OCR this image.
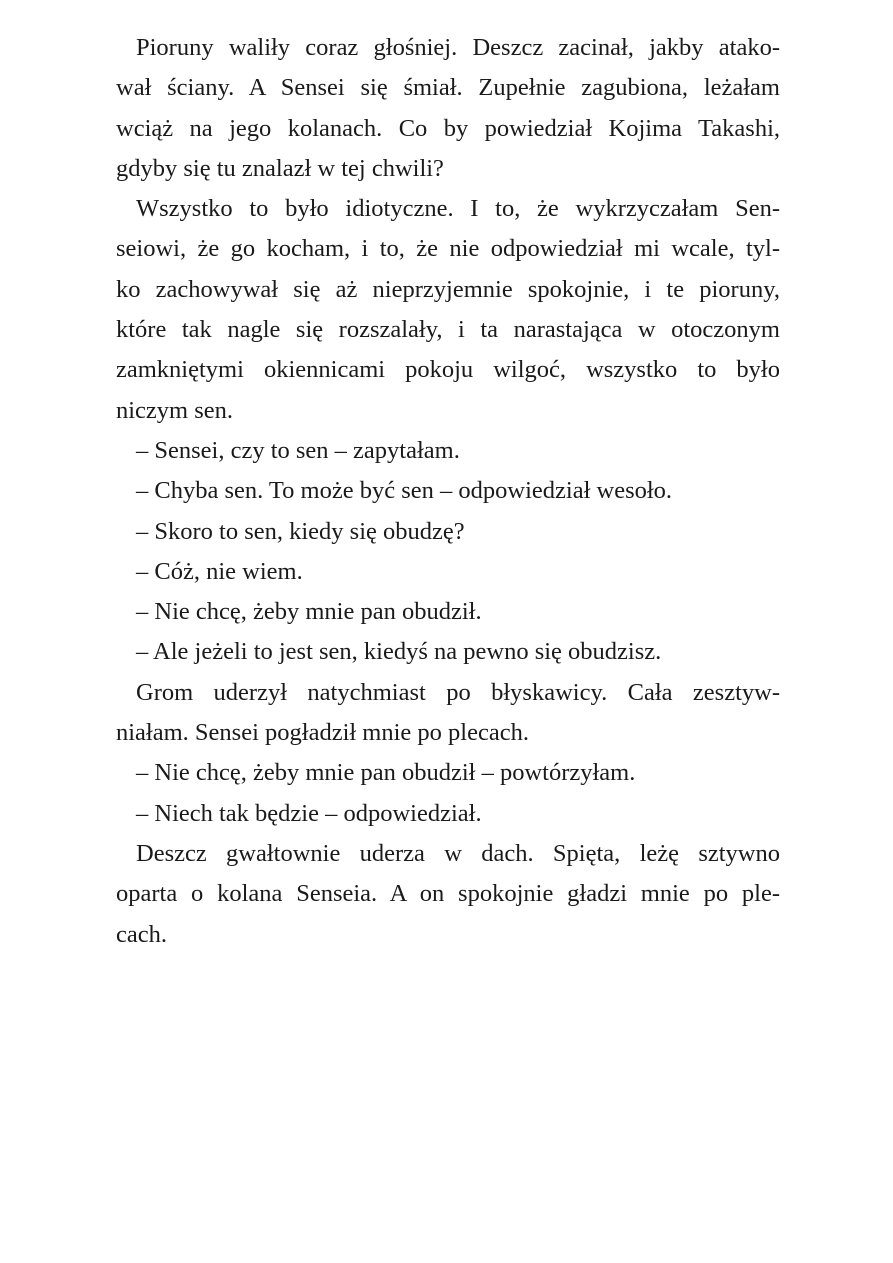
Pioruny waliły coraz głośniej. Deszcz zacinał, jakby atako-
wał ściany. A Sensei się śmiał. Zupełnie zagubiona, leżałam
wciąż na jego kolanach. Co by powiedział Kojima Takashi,
gdyby się tu znalazł w tej chwili?
Wszystko to było idiotyczne. I to, że wykrzyczałam Sen-
seiowi, że go kocham, i to, że nie odpowiedział mi wcale, tyl-
ko zachowywał się aż nieprzyjemnie spokojnie, i te pioruny,
które tak nagle się rozszalały, i ta narastająca w otoczonym
zamkniętymi okiennicami pokoju wilgoć, wszystko to było
niczym sen.
– Sensei, czy to sen – zapytałam.
– Chyba sen. To może być sen – odpowiedział wesoło.
– Skoro to sen, kiedy się obudzę?
– Cóż, nie wiem.
– Nie chcę, żeby mnie pan obudził.
– Ale jeżeli to jest sen, kiedyś na pewno się obudzisz.
Grom uderzył natychmiast po błyskawicy. Cała zesztyw-
niałam. Sensei pogładził mnie po plecach.
– Nie chcę, żeby mnie pan obudził – powtórzyłam.
– Niech tak będzie – odpowiedział.
Deszcz gwałtownie uderza w dach. Spięta, leżę sztywno
oparta o kolana Senseia. A on spokojnie gładzi mnie po ple-
cach.
